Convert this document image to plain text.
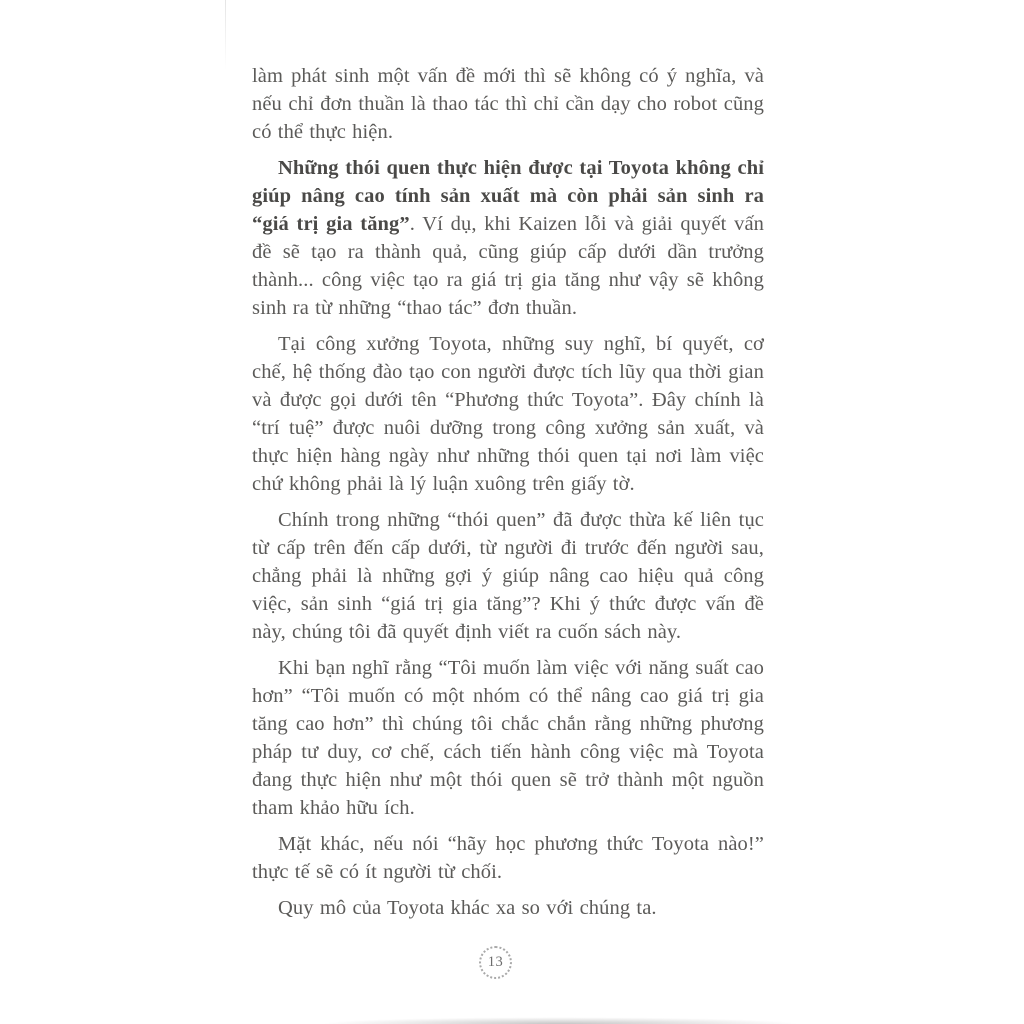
làm phát sinh một vấn đề mới thì sẽ không có ý nghĩa, và nếu chỉ đơn thuần là thao tác thì chỉ cần dạy cho robot cũng có thể thực hiện.

Những thói quen thực hiện được tại Toyota không chỉ giúp nâng cao tính sản xuất mà còn phải sản sinh ra “giá trị gia tăng”. Ví dụ, khi Kaizen lỗi và giải quyết vấn đề sẽ tạo ra thành quả, cũng giúp cấp dưới dần trưởng thành... công việc tạo ra giá trị gia tăng như vậy sẽ không sinh ra từ những “thao tác” đơn thuần.

Tại công xưởng Toyota, những suy nghĩ, bí quyết, cơ chế, hệ thống đào tạo con người được tích lũy qua thời gian và được gọi dưới tên “Phương thức Toyota”. Đây chính là “trí tuệ” được nuôi dưỡng trong công xưởng sản xuất, và thực hiện hàng ngày như những thói quen tại nơi làm việc chứ không phải là lý luận xuông trên giấy tờ.

Chính trong những “thói quen” đã được thừa kế liên tục từ cấp trên đến cấp dưới, từ người đi trước đến người sau, chẳng phải là những gợi ý giúp nâng cao hiệu quả công việc, sản sinh “giá trị gia tăng”? Khi ý thức được vấn đề này, chúng tôi đã quyết định viết ra cuốn sách này.

Khi bạn nghĩ rằng “Tôi muốn làm việc với năng suất cao hơn” “Tôi muốn có một nhóm có thể nâng cao giá trị gia tăng cao hơn” thì chúng tôi chắc chắn rằng những phương pháp tư duy, cơ chế, cách tiến hành công việc mà Toyota đang thực hiện như một thói quen sẽ trở thành một nguồn tham khảo hữu ích.

Mặt khác, nếu nói “hãy học phương thức Toyota nào!” thực tế sẽ có ít người từ chối.

Quy mô của Toyota khác xa so với chúng ta.

13
